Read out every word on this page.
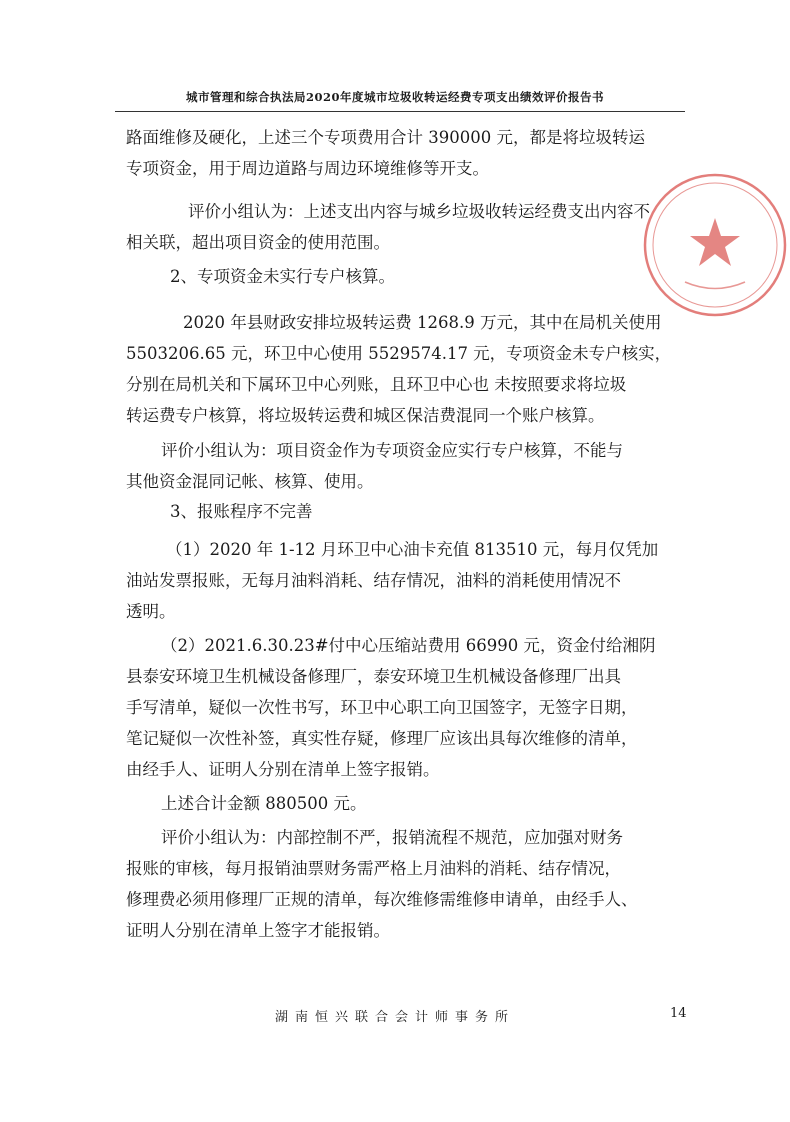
城市管理和综合执法局2020年度城市垃圾收转运经费专项支出绩效评价报告书
路面维修及硬化，上述三个专项费用合计 390000 元，都是将垃圾转运
专项资金，用于周边道路与周边环境维修等开支。
评价小组认为：上述支出内容与城乡垃圾收转运经费支出内容不
相关联，超出项目资金的使用范围。
2、专项资金未实行专户核算。
2020 年县财政安排垃圾转运费 1268.9 万元，其中在局机关使用
5503206.65 元，环卫中心使用 5529574.17 元，专项资金未专户核实，
分别在局机关和下属环卫中心列账，且环卫中心也 未按照要求将垃圾
转运费专户核算，将垃圾转运费和城区保洁费混同一个账户核算。
评价小组认为：项目资金作为专项资金应实行专户核算，不能与
其他资金混同记帐、核算、使用。
3、报账程序不完善
（1）2020 年 1-12 月环卫中心油卡充值 813510 元，每月仅凭加
油站发票报账，无每月油料消耗、结存情况，油料的消耗使用情况不
透明。
（2）2021.6.30.23#付中心压缩站费用 66990 元，资金付给湘阴
县泰安环境卫生机械设备修理厂，泰安环境卫生机械设备修理厂出具
手写清单，疑似一次性书写，环卫中心职工向卫国签字，无签字日期，
笔记疑似一次性补签，真实性存疑，修理厂应该出具每次维修的清单，
由经手人、证明人分别在清单上签字报销。
上述合计金额 880500 元。
评价小组认为：内部控制不严，报销流程不规范，应加强对财务
报账的审核，每月报销油票财务需严格上月油料的消耗、结存情况，
修理费必须用修理厂正规的清单，每次维修需维修申请单，由经手人、
证明人分别在清单上签字才能报销。
湖南恒兴联合会计师事务所	14
